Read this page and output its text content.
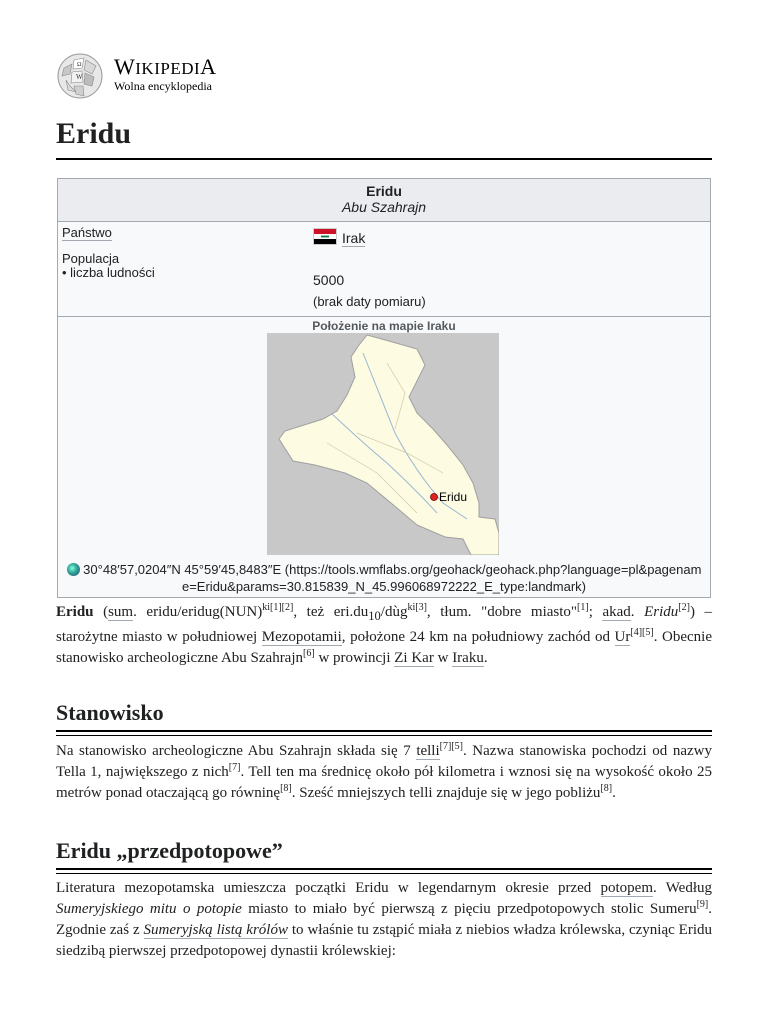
Ω
W WIKIPEDIA
Wolna encyklopedia
Eridu
Eridu
Abu Szahrajn
Państwo	Irak
Populacja
• liczba ludności	5000
(brak daty pomiaru)
Położenie na mapie Iraku
Eridu
30°48′57,0204″N 45°59′45,8483″E (https://tools.wmflabs.org/geohack/geohack.php?language=pl&pagenam
e=Eridu&params=30.815839_N_45.996068972222_E_type:landmark)

Eridu (sum. eridu/eridug(NUN)$^{ki[1][2]}$, też $eri.du_{10}/dùg^{ki[3]}$, tłum. "dobre miasto"[1]; akad. Eridu[2]) – starożytne miasto w południowej Mezopotamii, położone 24 km na południowy zachód od Ur[4][5]. Obecnie stanowisko archeologiczne Abu Szahrajn[6] w prowincji Zi Kar w Iraku.

Stanowisko

Na stanowisko archeologiczne Abu Szahrajn składa się 7 telli[7][5]. Nazwa stanowiska pochodzi od nazwy Tella 1, największego z nich[7]. Tell ten ma średnicę około pół kilometra i wznosi się na wysokość około 25 metrów ponad otaczającą go równinę[8]. Sześć mniejszych telli znajduje się w jego pobliżu[8].

Eridu „przedpotopowe”

Literatura mezopotamska umieszcza początki Eridu w legendarnym okresie przed potopem. Według Sumeryjskiego mitu o potopie miasto to miało być pierwszą z pięciu przedpotopowych stolic Sumeru[9]. Zgodnie zaś z Sumeryjską listą królów to właśnie tu zstąpić miała z niebios władza królewska, czyniąc Eridu siedzibą pierwszej przedpotopowej dynastii królewskiej:
